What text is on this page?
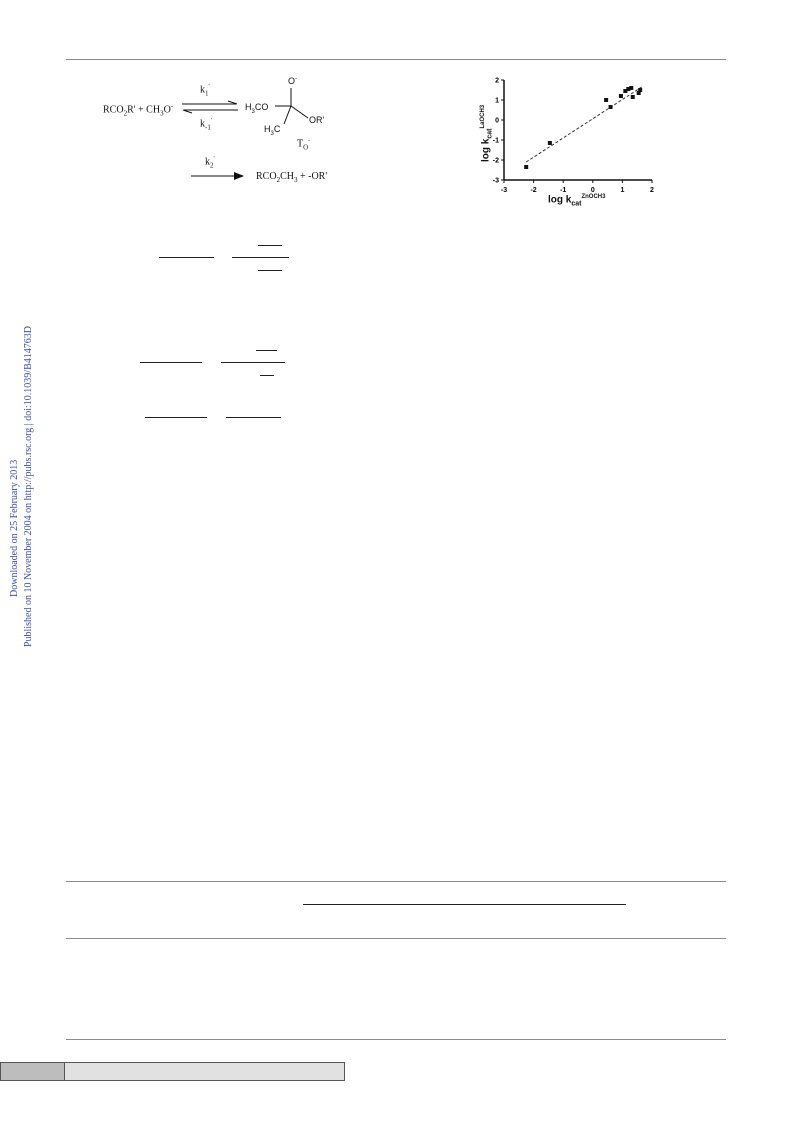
Downloaded on 25 February 2013 Published on 10 November 2004 on http://pubs.rsc.org | doi:10.1039/B414763D
$RCO_2R' + CH_3O^-$
$k_1'$
$k_{-1}'$
O-
$H_3CO$
OR'
$H_3C$
$T_O^-$
$k_2'$
$RCO_2CH_3 + -OR'$
-3	-2	-1	0	1	2
2
1
0
-1
-2
-3
$\log k_{cat}^{ZnOCH3}$
$\log k_{cat}^{LaOCH3}$
